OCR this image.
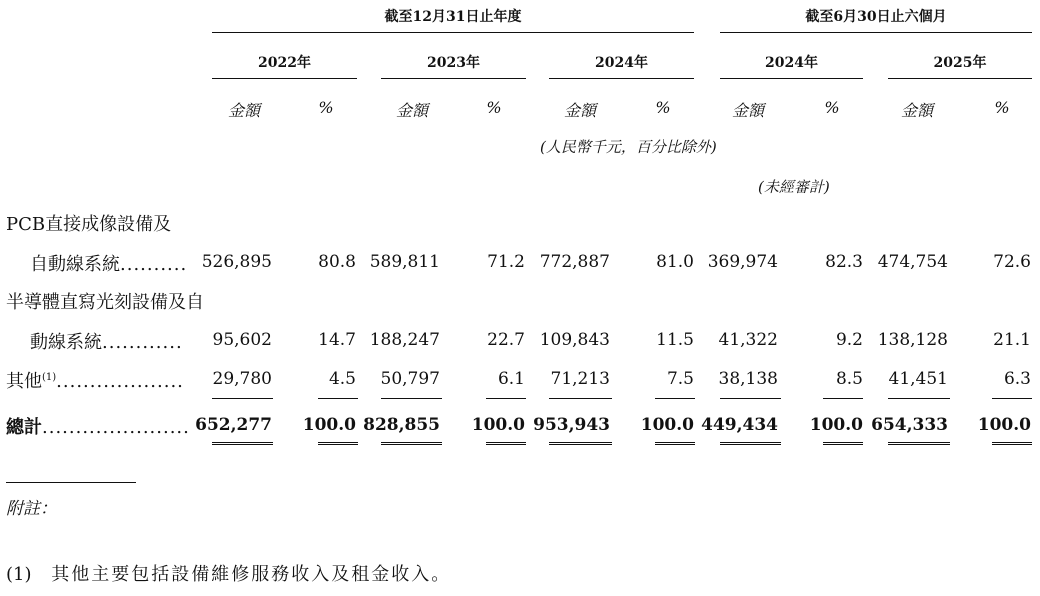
截至12月31日止年度	截至6月30日止六個月
2022年	2023年	2024年	2024年	2025年
金額	%	金額	%	金額	%	金額	%	金額	%
(人民幣千元，百分比除外)
(未經審計)
PCB直接成像設備及
自動線系統.......... 526,895	80.8 589,811	71.2 772,887	81.0 369,974	82.3 474,754	72.6
半導體直寫光刻設備及自
動線系統............ 95,602	14.7 188,247	22.7 109,843	11.5 41,322	9.2 138,128	21.1
其他$^{(1)}$................... 29,780	4.5 50,797	6.1 71,213	7.5 38,138	8.5 41,451	6.3
總計...................... 652,277 100.0 828,855 100.0 953,943 100.0 449,434 100.0 654,333 100.0
附註：
(1) 其他主要包括設備維修服務收入及租金收入。
